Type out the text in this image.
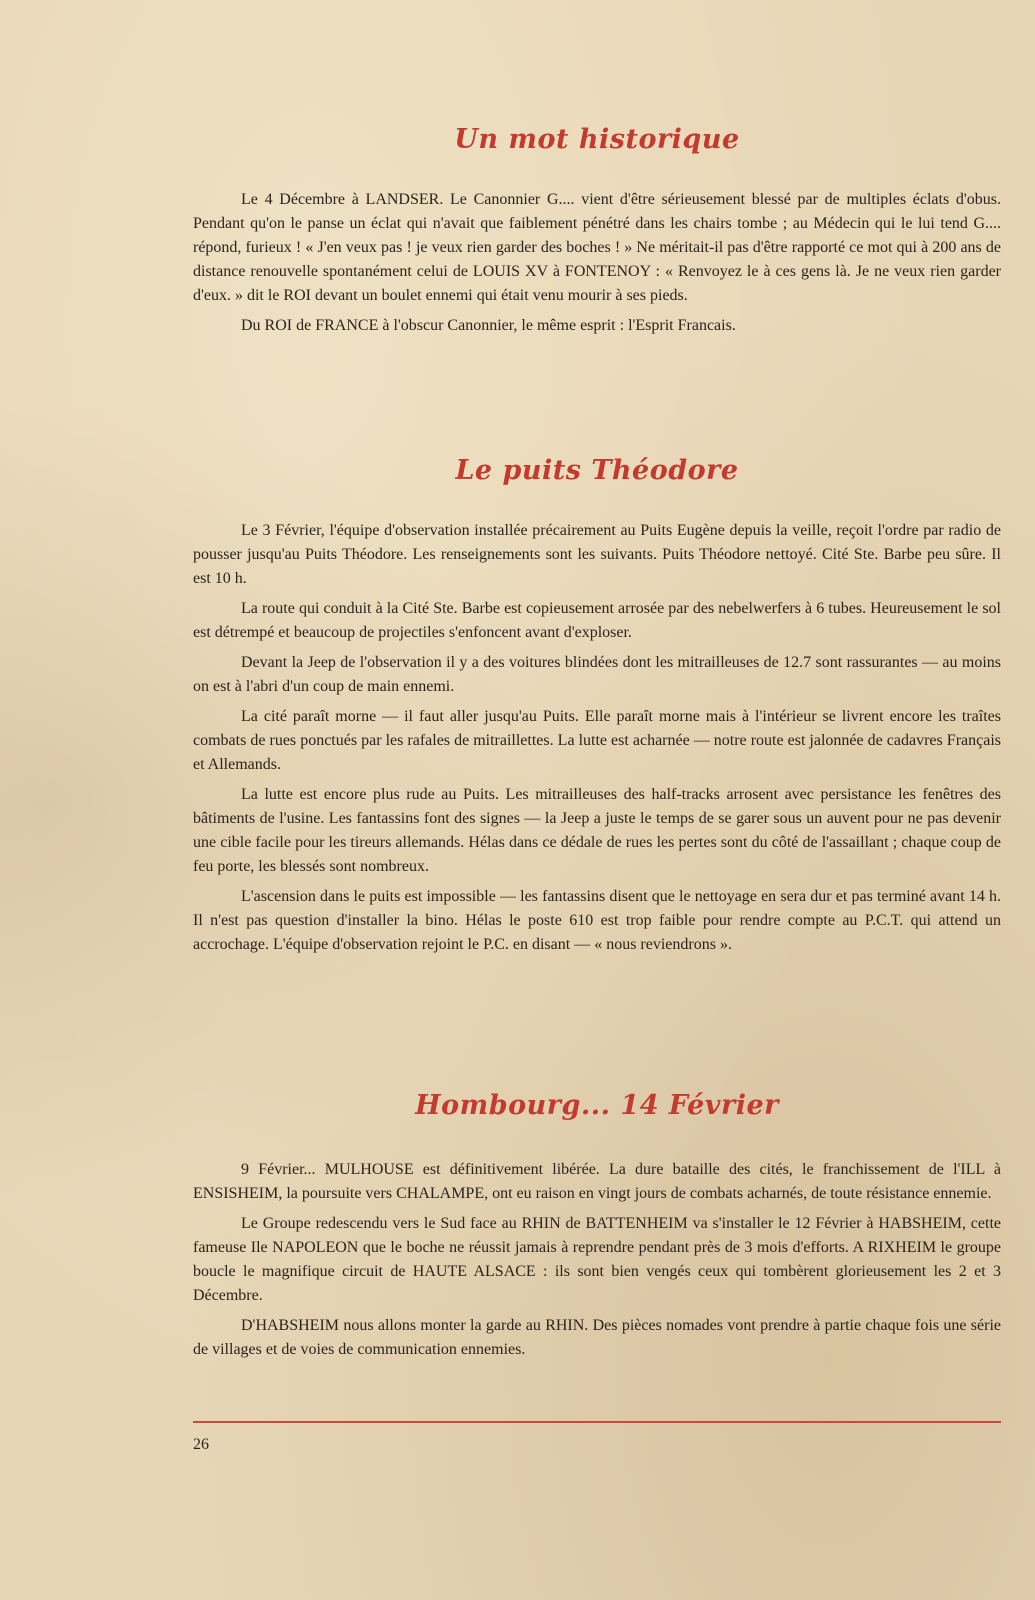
Un mot historique

Le 4 Décembre à LANDSER. Le Canonnier G.... vient d'être sérieusement blessé par de multiples éclats d'obus. Pendant qu'on le panse un éclat qui n'avait que faiblement pénétré dans les chairs tombe ; au Médecin qui le lui tend G.... répond, furieux ! « J'en veux pas ! je veux rien garder des boches ! » Ne méritait-il pas d'être rapporté ce mot qui à 200 ans de distance renouvelle spontanément celui de LOUIS XV à FONTENOY : « Renvoyez le à ces gens là. Je ne veux rien garder d'eux. » dit le ROI devant un boulet ennemi qui était venu mourir à ses pieds.

Du ROI de FRANCE à l'obscur Canonnier, le même esprit : l'Esprit Francais.

Le puits Théodore

Le 3 Février, l'équipe d'observation installée précairement au Puits Eugène depuis la veille, reçoit l'ordre par radio de pousser jusqu'au Puits Théodore. Les renseignements sont les suivants. Puits Théodore nettoyé. Cité Ste. Barbe peu sûre. Il est 10 h.

La route qui conduit à la Cité Ste. Barbe est copieusement arrosée par des nebelwerfers à 6 tubes. Heureusement le sol est détrempé et beaucoup de projectiles s'enfoncent avant d'exploser.

Devant la Jeep de l'observation il y a des voitures blindées dont les mitrailleuses de 12.7 sont rassurantes — au moins on est à l'abri d'un coup de main ennemi.

La cité paraît morne — il faut aller jusqu'au Puits. Elle paraît morne mais à l'intérieur se livrent encore les traîtes combats de rues ponctués par les rafales de mitraillettes. La lutte est acharnée — notre route est jalonnée de cadavres Français et Allemands.

La lutte est encore plus rude au Puits. Les mitrailleuses des half-tracks arrosent avec persistance les fenêtres des bâtiments de l'usine. Les fantassins font des signes — la Jeep a juste le temps de se garer sous un auvent pour ne pas devenir une cible facile pour les tireurs allemands. Hélas dans ce dédale de rues les pertes sont du côté de l'assaillant ; chaque coup de feu porte, les blessés sont nombreux.

L'ascension dans le puits est impossible — les fantassins disent que le nettoyage en sera dur et pas terminé avant 14 h. Il n'est pas question d'installer la bino. Hélas le poste 610 est trop faible pour rendre compte au P.C.T. qui attend un accrochage. L'équipe d'observation rejoint le P.C. en disant — « nous reviendrons ».

Hombourg... 14 Février

9 Février... MULHOUSE est définitivement libérée. La dure bataille des cités, le franchissement de l'ILL à ENSISHEIM, la poursuite vers CHALAMPE, ont eu raison en vingt jours de combats acharnés, de toute résistance ennemie.

Le Groupe redescendu vers le Sud face au RHIN de BATTENHEIM va s'installer le 12 Février à HABSHEIM, cette fameuse Ile NAPOLEON que le boche ne réussit jamais à reprendre pendant près de 3 mois d'efforts. A RIXHEIM le groupe boucle le magnifique circuit de HAUTE ALSACE : ils sont bien vengés ceux qui tombèrent glorieusement les 2 et 3 Décembre.

D'HABSHEIM nous allons monter la garde au RHIN. Des pièces nomades vont prendre à partie chaque fois une série de villages et de voies de communication ennemies.

26
